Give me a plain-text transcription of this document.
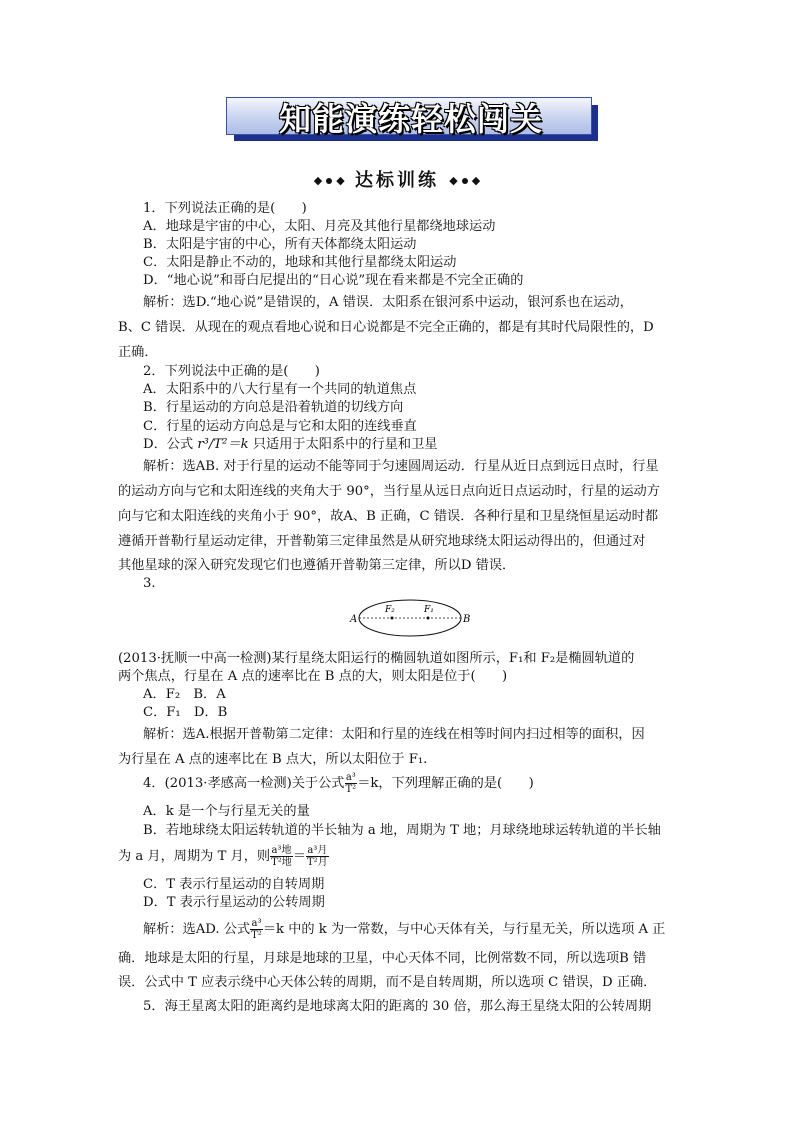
知能演练轻松闯关
◆ ◆ 达标训练 ◆ ◆
1．下列说法正确的是(　　)
A．地球是宇宙的中心，太阳、月亮及其他行星都绕地球运动
B．太阳是宇宙的中心，所有天体都绕太阳运动
C．太阳是静止不动的，地球和其他行星都绕太阳运动
D．“地心说”和哥白尼提出的“日心说”现在看来都是不完全正确的
解析：选D.“地心说”是错误的，A 错误．太阳系在银河系中运动，银河系也在运动，
B、C 错误．从现在的观点看地心说和日心说都是不完全正确的，都是有其时代局限性的，D
正确．
2．下列说法中正确的是(　　)
A．太阳系中的八大行星有一个共同的轨道焦点
B．行星运动的方向总是沿着轨道的切线方向
C．行星的运动方向总是与它和太阳的连线垂直
D．公式 r³/T²＝k 只适用于太阳系中的行星和卫星
解析：选AB. 对于行星的运动不能等同于匀速圆周运动．行星从近日点到远日点时，行星
的运动方向与它和太阳连线的夹角大于 90°，当行星从远日点向近日点运动时，行星的运动方
向与它和太阳连线的夹角小于 90°，故A、B 正确，C 错误．各种行星和卫星绕恒星运动时都
遵循开普勒行星运动定律，开普勒第三定律虽然是从研究地球绕太阳运动得出的，但通过对
其他星球的深入研究发现它们也遵循开普勒第三定律，所以D 错误．
3.
A	B
F₂	F₁
(2013·抚顺一中高一检测)某行星绕太阳运行的椭圆轨道如图所示，F₁和 F₂是椭圆轨道的
两个焦点，行星在 A 点的速率比在 B 点的大，则太阳是位于(　　)
A．F₂　B．A
C．F₁　D．B
解析：选A.根据开普勒第二定律：太阳和行星的连线在相等时间内扫过相等的面积，因
为行星在 A 点的速率比在 B 点大，所以太阳位于 F₁.
4．(2013·孝感高一检测)关于公式 $\frac{\text{a³}}{\text{T²}} =k$，下列理解正确的是(　　)
A．k 是一个与行星无关的量
B．若地球绕太阳运转轨道的半长轴为 a 地，周期为 T 地；月球绕地球运转轨道的半长轴
为 a 月，周期为 T 月，则 $\frac{\text{a³地}}{\text{T²地}} = \frac{\text{a³月}}{\text{T²月}}$
C．T 表示行星运动的自转周期
D．T 表示行星运动的公转周期
解析：选AD. 公式 $\frac{\text{a³}}{\text{T²}} =k$ 中的 k 为一常数，与中心天体有关，与行星无关，所以选项 A 正
确．地球是太阳的行星，月球是地球的卫星，中心天体不同，比例常数不同，所以选项B 错
误．公式中 T 应表示绕中心天体公转的周期，而不是自转周期，所以选项 C 错误，D 正确．
5．海王星离太阳的距离约是地球离太阳的距离的 30 倍，那么海王星绕太阳的公转周期
